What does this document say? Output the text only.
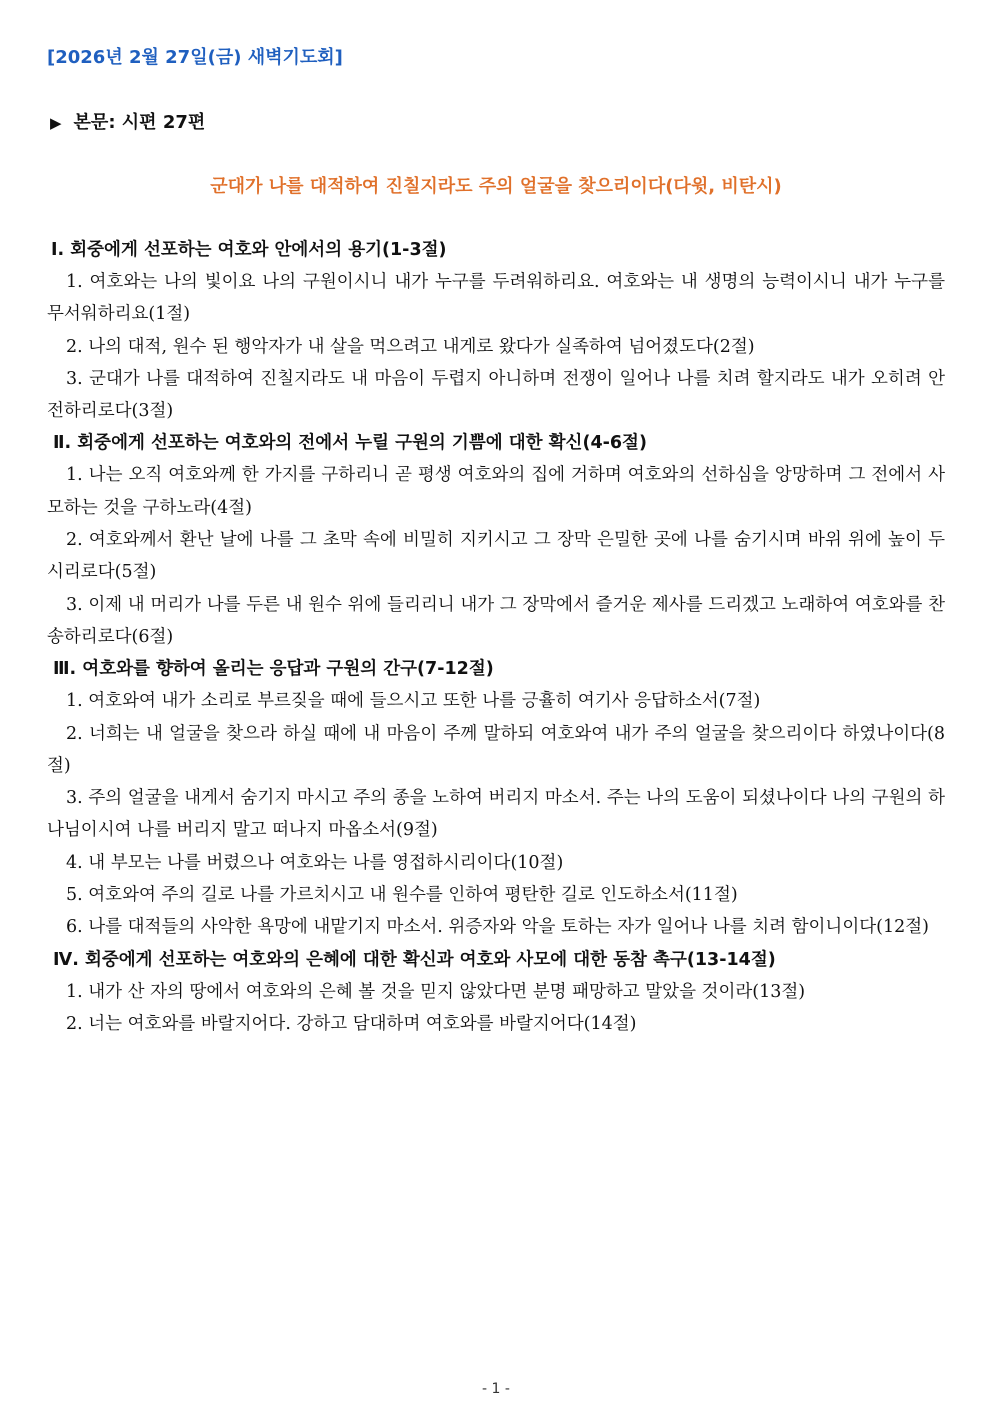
[2026년 2월 27일(금) 새벽기도회]
▶ 본문: 시편 27편
군대가 나를 대적하여 진칠지라도 주의 얼굴을 찾으리이다(다윗, 비탄시)
Ⅰ. 회중에게 선포하는 여호와 안에서의 용기(1-3절)
1. 여호와는 나의 빛이요 나의 구원이시니 내가 누구를 두려워하리요. 여호와는 내 생명의 능력이시니 내가 누구를 무서워하리요(1절)
2. 나의 대적, 원수 된 행악자가 내 살을 먹으려고 내게로 왔다가 실족하여 넘어졌도다(2절)
3. 군대가 나를 대적하여 진칠지라도 내 마음이 두렵지 아니하며 전쟁이 일어나 나를 치려 할지라도 내가 오히려 안전하리로다(3절)
Ⅱ. 회중에게 선포하는 여호와의 전에서 누릴 구원의 기쁨에 대한 확신(4-6절)
1. 나는 오직 여호와께 한 가지를 구하리니 곧 평생 여호와의 집에 거하며 여호와의 선하심을 앙망하며 그 전에서 사모하는 것을 구하노라(4절)
2. 여호와께서 환난 날에 나를 그 초막 속에 비밀히 지키시고 그 장막 은밀한 곳에 나를 숨기시며 바위 위에 높이 두시리로다(5절)
3. 이제 내 머리가 나를 두른 내 원수 위에 들리리니 내가 그 장막에서 즐거운 제사를 드리겠고 노래하여 여호와를 찬송하리로다(6절)
Ⅲ. 여호와를 향하여 올리는 응답과 구원의 간구(7-12절)
1. 여호와여 내가 소리로 부르짖을 때에 들으시고 또한 나를 긍휼히 여기사 응답하소서(7절)
2. 너희는 내 얼굴을 찾으라 하실 때에 내 마음이 주께 말하되 여호와여 내가 주의 얼굴을 찾으리이다 하였나이다(8절)
3. 주의 얼굴을 내게서 숨기지 마시고 주의 종을 노하여 버리지 마소서. 주는 나의 도움이 되셨나이다 나의 구원의 하나님이시여 나를 버리지 말고 떠나지 마옵소서(9절)
4. 내 부모는 나를 버렸으나 여호와는 나를 영접하시리이다(10절)
5. 여호와여 주의 길로 나를 가르치시고 내 원수를 인하여 평탄한 길로 인도하소서(11절)
6. 나를 대적들의 사악한 욕망에 내맡기지 마소서. 위증자와 악을 토하는 자가 일어나 나를 치려 함이니이다(12절)
Ⅳ. 회중에게 선포하는 여호와의 은혜에 대한 확신과 여호와 사모에 대한 동참 촉구(13-14절)
1. 내가 산 자의 땅에서 여호와의 은혜 볼 것을 믿지 않았다면 분명 패망하고 말았을 것이라(13절)
2. 너는 여호와를 바랄지어다. 강하고 담대하며 여호와를 바랄지어다(14절)
- 1 -
